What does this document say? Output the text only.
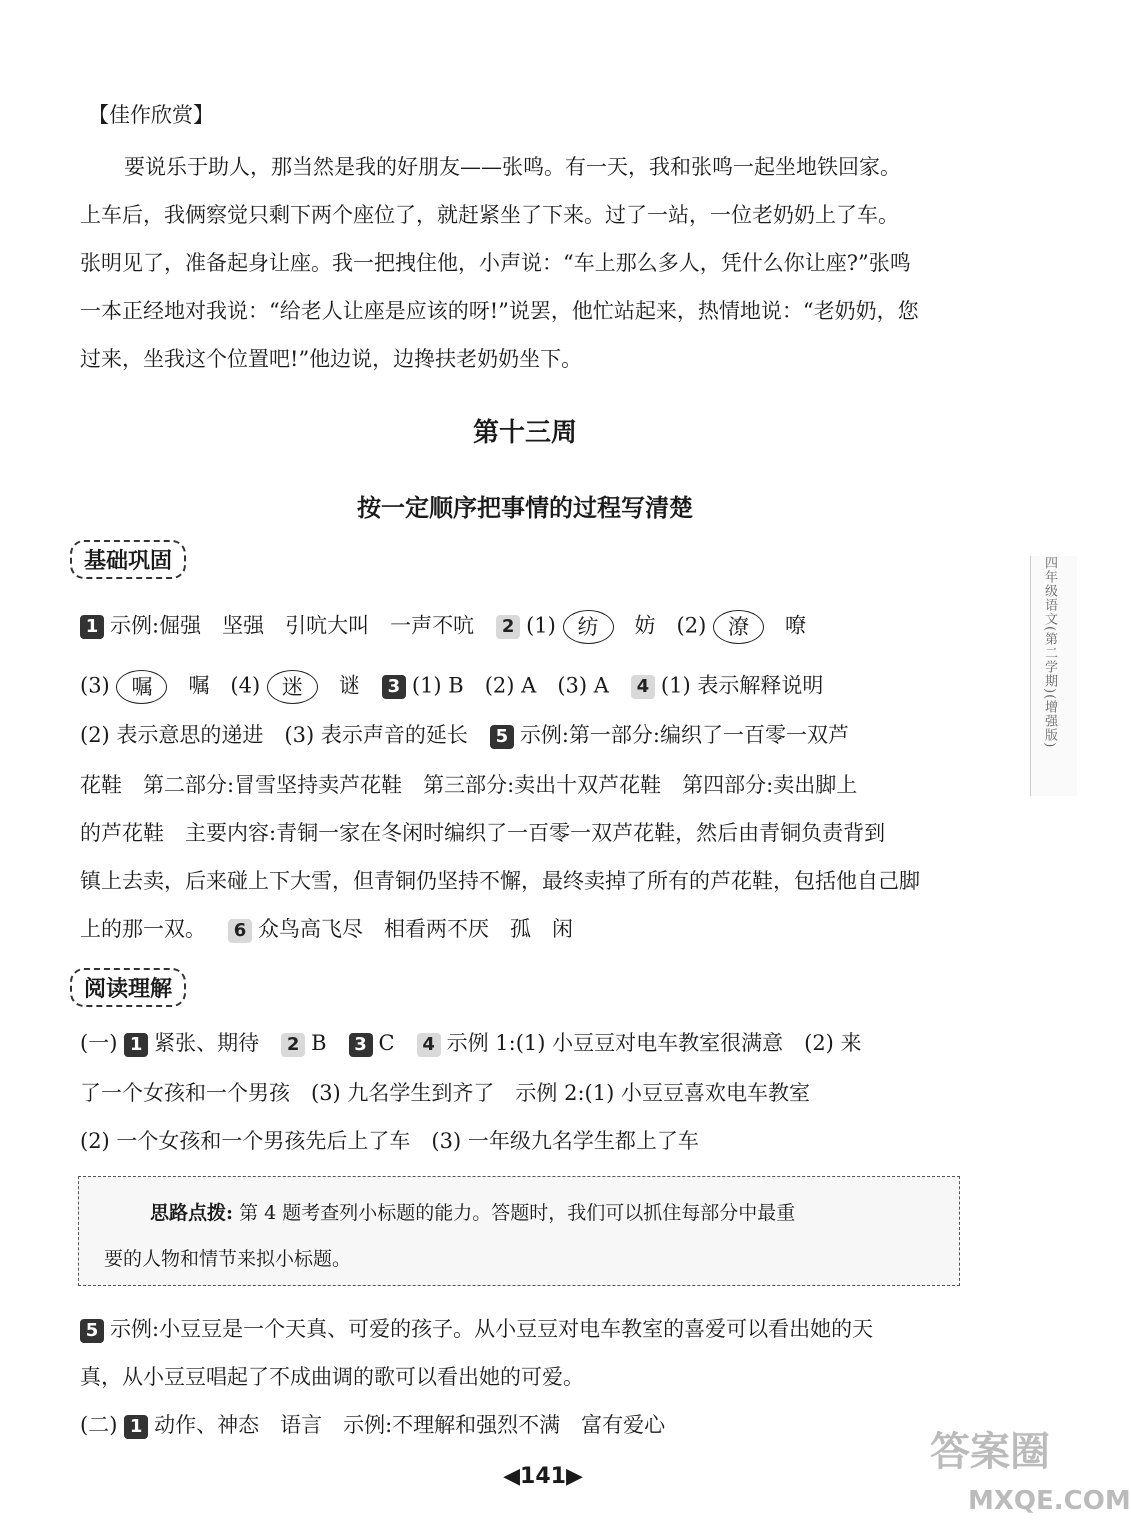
【佳作欣赏】
要说乐于助人，那当然是我的好朋友——张鸣。有一天，我和张鸣一起坐地铁回家。
上车后，我俩察觉只剩下两个座位了，就赶紧坐了下来。过了一站，一位老奶奶上了车。
张明见了，准备起身让座。我一把拽住他，小声说：“车上那么多人，凭什么你让座?”张鸣
一本正经地对我说：“给老人让座是应该的呀!”说罢，他忙站起来，热情地说：“老奶奶，您
过来，坐我这个位置吧!”他边说，边搀扶老奶奶坐下。
第十三周
按一定顺序把事情的过程写清楚
基础巩固
1 示例:倔强　坚强　引吭大叫　一声不吭 2 (1) 纺　 妨　(2) 潦　 嘹
(3) 嘱　 嘱　(4) 迷　 谜 3 (1) B　(2) A　(3) A 4 (1) 表示解释说明
(2) 表示意思的递进　(3) 表示声音的延长 5 示例:第一部分:编织了一百零一双芦
花鞋　第二部分:冒雪坚持卖芦花鞋　第三部分:卖出十双芦花鞋　第四部分:卖出脚上
的芦花鞋　主要内容:青铜一家在冬闲时编织了一百零一双芦花鞋，然后由青铜负责背到
镇上去卖，后来碰上下大雪，但青铜仍坚持不懈，最终卖掉了所有的芦花鞋，包括他自己脚
上的那一双。 6 众鸟高飞尽　相看两不厌　孤　闲
阅读理解
(一) 1 紧张、期待 2 B 3 C 4 示例 1:(1) 小豆豆对电车教室很满意　(2) 来
了一个女孩和一个男孩　(3) 九名学生到齐了　示例 2:(1) 小豆豆喜欢电车教室
(2) 一个女孩和一个男孩先后上了车　(3) 一年级九名学生都上了车
思路点拨: 第 4 题考查列小标题的能力。答题时，我们可以抓住每部分中最重
要的人物和情节来拟小标题。
5 示例:小豆豆是一个天真、可爱的孩子。从小豆豆对电车教室的喜爱可以看出她的天
真，从小豆豆唱起了不成曲调的歌可以看出她的可爱。
(二) 1 动作、神态　语言　示例:不理解和强烈不满　富有爱心
四年级语文(第二学期)(增强版)
◀141▶
答案圈
MXQE.COM
